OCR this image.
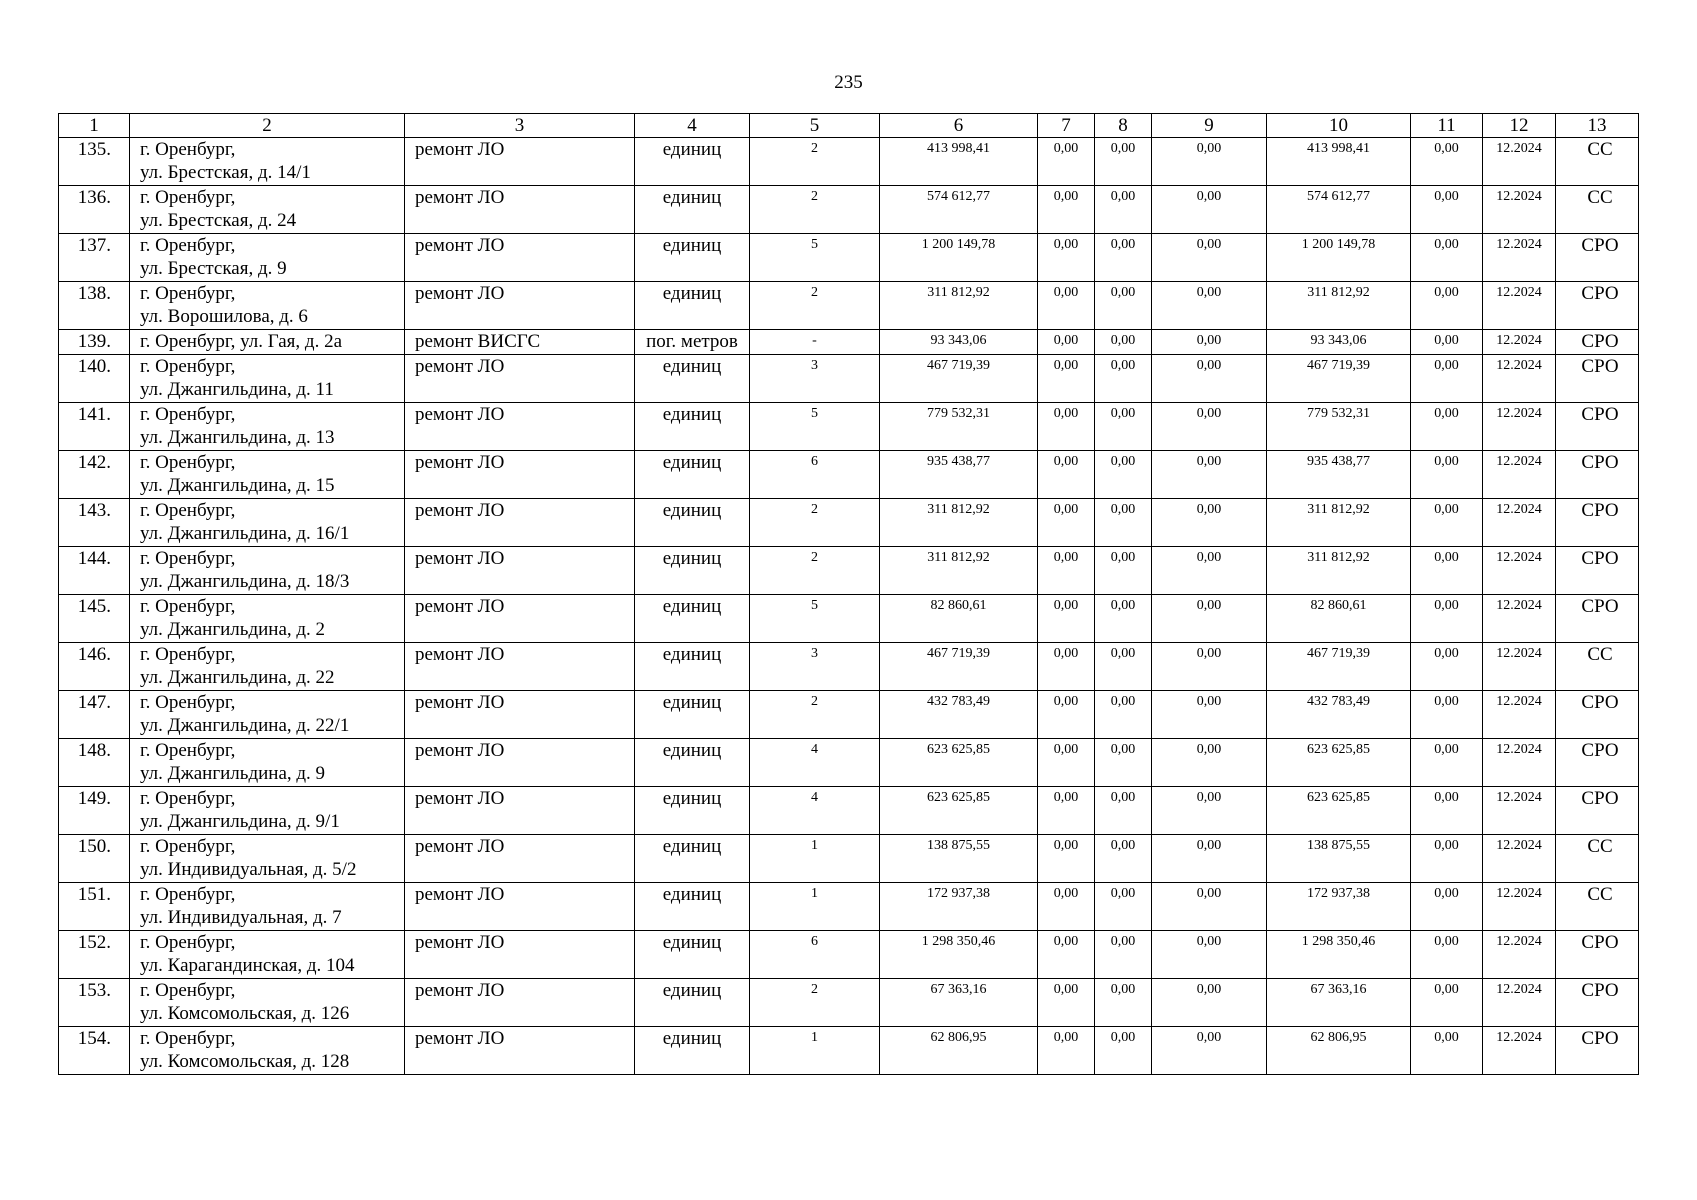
235
1	2	3	4	5	6	7	8	9	10	11	12	13
135.	г. Оренбург,
ул. Брестская, д. 14/1	ремонт ЛО	единиц	2	413 998,41	0,00	0,00	0,00	413 998,41	0,00	12.2024	СС
136.	г. Оренбург,
ул. Брестская, д. 24	ремонт ЛО	единиц	2	574 612,77	0,00	0,00	0,00	574 612,77	0,00	12.2024	СС
137.	г. Оренбург,
ул. Брестская, д. 9	ремонт ЛО	единиц	5	1 200 149,78	0,00	0,00	0,00	1 200 149,78	0,00	12.2024	СРО
138.	г. Оренбург,
ул. Ворошилова, д. 6	ремонт ЛО	единиц	2	311 812,92	0,00	0,00	0,00	311 812,92	0,00	12.2024	СРО
139.	г. Оренбург, ул. Гая, д. 2а	ремонт ВИСГС	пог. метров	-	93 343,06	0,00	0,00	0,00	93 343,06	0,00	12.2024	СРО
140.	г. Оренбург,
ул. Джангильдина, д. 11	ремонт ЛО	единиц	3	467 719,39	0,00	0,00	0,00	467 719,39	0,00	12.2024	СРО
141.	г. Оренбург,
ул. Джангильдина, д. 13	ремонт ЛО	единиц	5	779 532,31	0,00	0,00	0,00	779 532,31	0,00	12.2024	СРО
142.	г. Оренбург,
ул. Джангильдина, д. 15	ремонт ЛО	единиц	6	935 438,77	0,00	0,00	0,00	935 438,77	0,00	12.2024	СРО
143.	г. Оренбург,
ул. Джангильдина, д. 16/1	ремонт ЛО	единиц	2	311 812,92	0,00	0,00	0,00	311 812,92	0,00	12.2024	СРО
144.	г. Оренбург,
ул. Джангильдина, д. 18/3	ремонт ЛО	единиц	2	311 812,92	0,00	0,00	0,00	311 812,92	0,00	12.2024	СРО
145.	г. Оренбург,
ул. Джангильдина, д. 2	ремонт ЛО	единиц	5	82 860,61	0,00	0,00	0,00	82 860,61	0,00	12.2024	СРО
146.	г. Оренбург,
ул. Джангильдина, д. 22	ремонт ЛО	единиц	3	467 719,39	0,00	0,00	0,00	467 719,39	0,00	12.2024	СС
147.	г. Оренбург,
ул. Джангильдина, д. 22/1	ремонт ЛО	единиц	2	432 783,49	0,00	0,00	0,00	432 783,49	0,00	12.2024	СРО
148.	г. Оренбург,
ул. Джангильдина, д. 9	ремонт ЛО	единиц	4	623 625,85	0,00	0,00	0,00	623 625,85	0,00	12.2024	СРО
149.	г. Оренбург,
ул. Джангильдина, д. 9/1	ремонт ЛО	единиц	4	623 625,85	0,00	0,00	0,00	623 625,85	0,00	12.2024	СРО
150.	г. Оренбург,
ул. Индивидуальная, д. 5/2	ремонт ЛО	единиц	1	138 875,55	0,00	0,00	0,00	138 875,55	0,00	12.2024	СС
151.	г. Оренбург,
ул. Индивидуальная, д. 7	ремонт ЛО	единиц	1	172 937,38	0,00	0,00	0,00	172 937,38	0,00	12.2024	СС
152.	г. Оренбург,
ул. Карагандинская, д. 104	ремонт ЛО	единиц	6	1 298 350,46	0,00	0,00	0,00	1 298 350,46	0,00	12.2024	СРО
153.	г. Оренбург,
ул. Комсомольская, д. 126	ремонт ЛО	единиц	2	67 363,16	0,00	0,00	0,00	67 363,16	0,00	12.2024	СРО
154.	г. Оренбург,
ул. Комсомольская, д. 128	ремонт ЛО	единиц	1	62 806,95	0,00	0,00	0,00	62 806,95	0,00	12.2024	СРО
